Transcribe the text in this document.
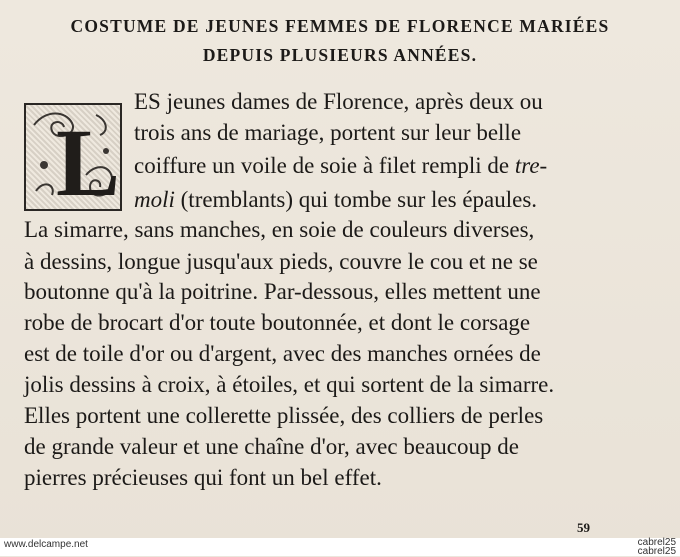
COSTUME DE JEUNES FEMMES DE FLORENCE MARIÉES
DEPUIS PLUSIEURS ANNÉES.
L
ES jeunes dames de Florence, après deux ou
trois ans de mariage, portent sur leur belle
coiffure un voile de soie à filet rempli de tre-
moli (tremblants) qui tombe sur les épaules.
La simarre, sans manches, en soie de couleurs diverses,
à dessins, longue jusqu'aux pieds, couvre le cou et ne se
boutonne qu'à la poitrine. Par-dessous, elles mettent une
robe de brocart d'or toute boutonnée, et dont le corsage
est de toile d'or ou d'argent, avec des manches ornées de
jolis dessins à croix, à étoiles, et qui sortent de la simarre.
Elles portent une collerette plissée, des colliers de perles
de grande valeur et une chaîne d'or, avec beaucoup de
pierres précieuses qui font un bel effet.
59
www.delcampe.net	cabrel25
cabrel25
